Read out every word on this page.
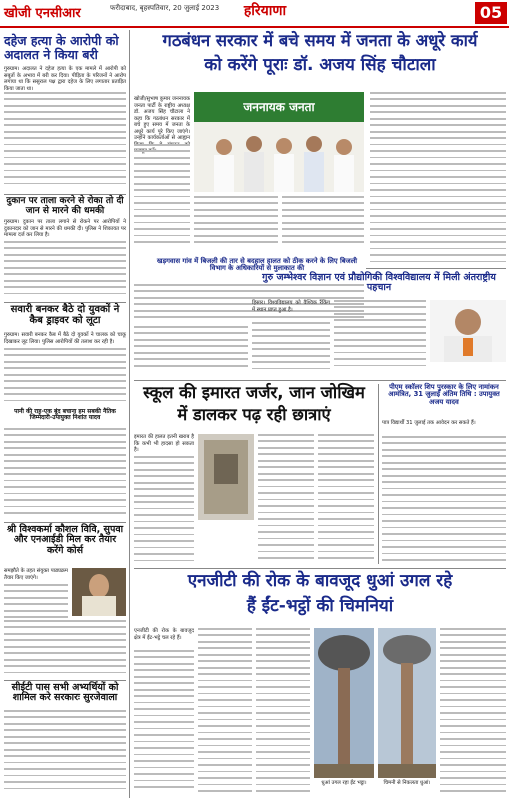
खोजी एनसीआर	फरीदाबाद, बृहस्पतिवार, 20 जुलाई 2023	हरियाणा	05
दहेज हत्या के आरोपी को अदालत ने किया बरी
गुरुग्राम। अदालत ने दहेज हत्या के एक मामले में आरोपी को सबूतों के अभाव में बरी कर दिया। पीड़िता के परिजनों ने आरोप लगाया था कि ससुराल पक्ष द्वारा दहेज के लिए लगातार प्रताड़ित किया जाता था।
दुकान पर ताला करने से रोका तो दी जान से मारने की धमकी
गुरुग्राम। दुकान पर ताला लगाने से रोकने पर आरोपियों ने दुकानदार को जान से मारने की धमकी दी। पुलिस ने शिकायत पर मामला दर्ज कर लिया है।
सवारी बनकर बैठे दो युवकों ने कैब ड्राइवर को लूटा
गुरुग्राम। सवारी बनकर कैब में बैठे दो युवकों ने चालक को चाकू दिखाकर लूट लिया। पुलिस आरोपियों की तलाश कर रही है।
पानी की राह-एक बूंद बचाना हम सबकी नैतिक जिम्मेदारी-उपायुक्त निशांत यादव
श्री विश्वकर्मा कौशल विवि, सुपवा और एनआईडी मिल कर तैयार करेंगे कोर्स
समझौते के तहत संयुक्त पाठ्यक्रम तैयार किए जाएंगे।
सीईटी पास सभी अभ्यर्थियों को शामिल करे सरकारः सुरजेवाला
गठबंधन सरकार में बचे समय में जनता के अधूरे कार्य
को करेंगे पूराः डॉ. अजय सिंह चौटाला
खोजी/सुभाष कुमार जननायक जनता पार्टी के राष्ट्रीय अध्यक्ष डॉ. अजय सिंह चौटाला ने कहा कि गठबंधन सरकार में बचे हुए समय में जनता के अधूरे कार्य पूरे किए जाएंगे। उन्होंने कार्यकर्ताओं से आह्वान
जननायक जनता
खड़गवास गांव में बिजली की तार से बदहाल हालत को ठीक करने के लिए बिजली विभाग के अधिकारियों से मुलाकात की
गुरु जम्भेश्वर विज्ञान एवं प्रौद्योगिकी विश्वविद्यालय में मिली अंतराष्ट्रीय पहचान
हिसार। विश्वविद्यालय को वैश्विक रैंकिंग में स्थान प्राप्त हुआ है।
स्कूल की इमारत जर्जर, जान जोखिम
में डालकर पढ़ रही छात्राएं
इमारत की हालत इतनी खराब है कि कभी भी हादसा हो सकता है।
पीएम स्कॉलर शिप पुरस्कार के लिए नामांकन आमंत्रित, 31 जुलाई अंतिम तिथि : उपायुक्त अजय यादव
पात्र विद्यार्थी 31 जुलाई तक आवेदन कर सकते हैं।
एनजीटी की रोक के बावजूद धुआं उगल रहे
हैं ईंट-भट्ठों की चिमनियां
एनजीटी की रोक के बावजूद क्षेत्र में ईंट-भट्ठे चल रहे हैं।
धुआं उगल रहा ईंट भट्ठा।	चिमनी से निकलता धुआं।
